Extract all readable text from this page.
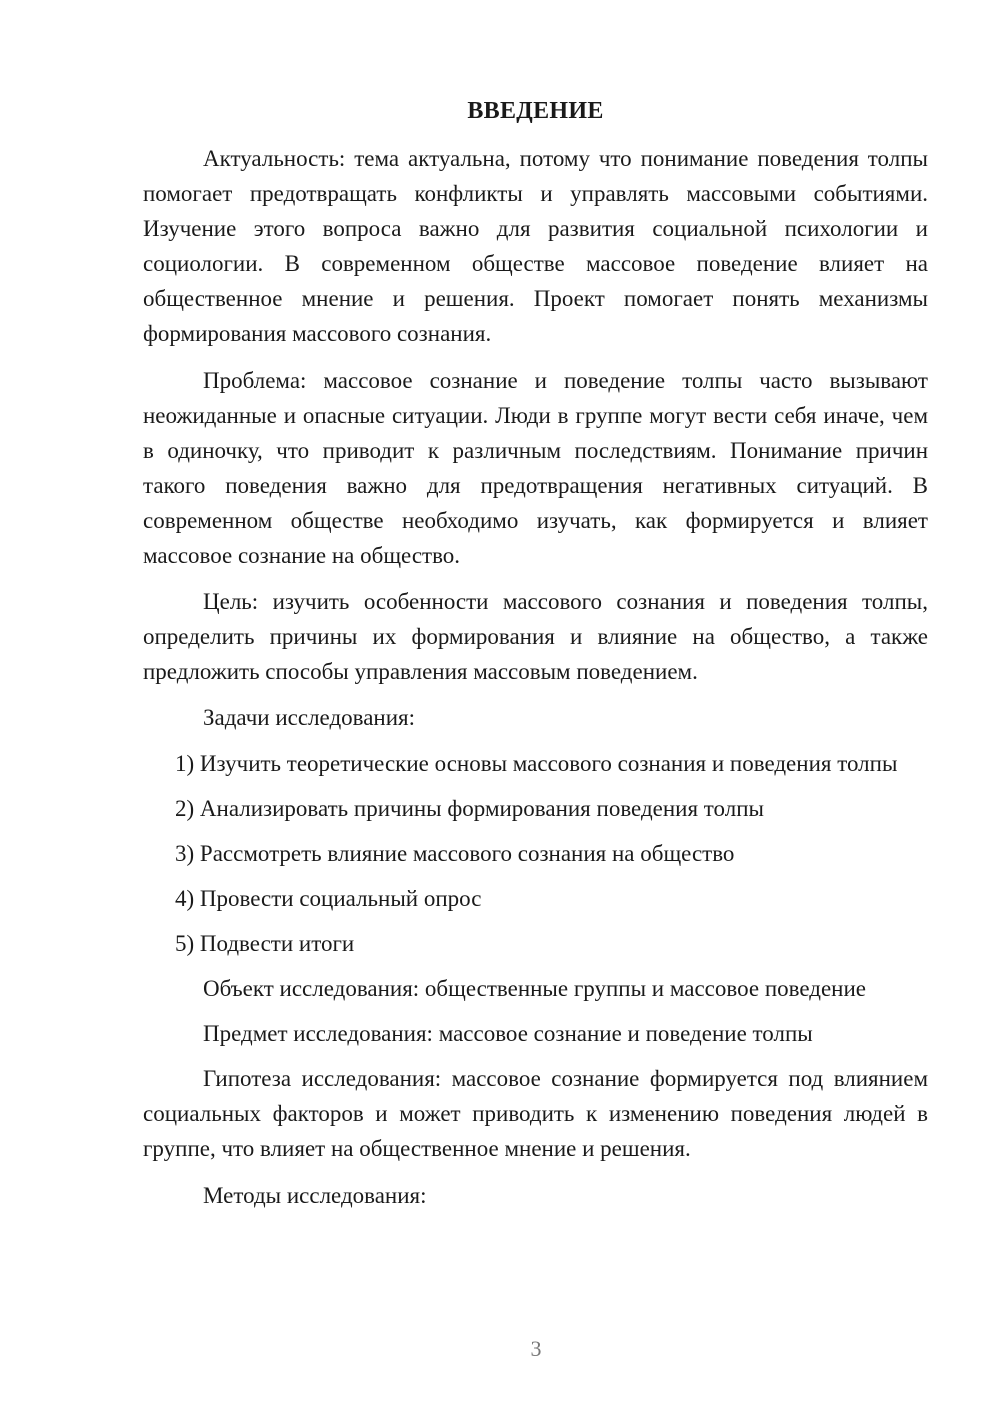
ВВЕДЕНИЕ

Актуальность: тема актуальна, потому что понимание поведения толпы помогает предотвращать конфликты и управлять массовыми событиями. Изучение этого вопроса важно для развития социальной психологии и социологии. В современном обществе массовое поведение влияет на общественное мнение и решения. Проект помогает понять механизмы формирования массового сознания.

Проблема: массовое сознание и поведение толпы часто вызывают неожиданные и опасные ситуации. Люди в группе могут вести себя иначе, чем в одиночку, что приводит к различным последствиям. Понимание причин такого поведения важно для предотвращения негативных ситуаций. В современном обществе необходимо изучать, как формируется и влияет массовое сознание на общество.

Цель: изучить особенности массового сознания и поведения толпы, определить причины их формирования и влияние на общество, а также предложить способы управления массовым поведением.

Задачи исследования:

1) Изучить теоретические основы массового сознания и поведения толпы

2) Анализировать причины формирования поведения толпы

3) Рассмотреть влияние массового сознания на общество

4) Провести социальный опрос

5) Подвести итоги

Объект исследования: общественные группы и массовое поведение

Предмет исследования: массовое сознание и поведение толпы

Гипотеза исследования: массовое сознание формируется под влиянием социальных факторов и может приводить к изменению поведения людей в группе, что влияет на общественное мнение и решения.

Методы исследования:

3
